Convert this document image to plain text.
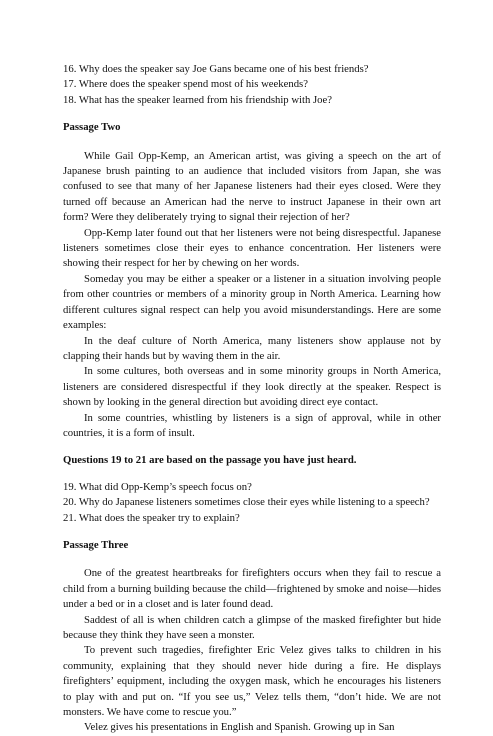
16. Why does the speaker say Joe Gans became one of his best friends?

17. Where does the speaker spend most of his weekends?

18. What has the speaker learned from his friendship with Joe?

Passage Two

While Gail Opp-Kemp, an American artist, was giving a speech on the art of Japanese brush painting to an audience that included visitors from Japan, she was confused to see that many of her Japanese listeners had their eyes closed. Were they turned off because an American had the nerve to instruct Japanese in their own art form? Were they deliberately trying to signal their rejection of her?

Opp-Kemp later found out that her listeners were not being disrespectful. Japanese listeners sometimes close their eyes to enhance concentration. Her listeners were showing their respect for her by chewing on her words.

Someday you may be either a speaker or a listener in a situation involving people from other countries or members of a minority group in North America. Learning how different cultures signal respect can help you avoid misunderstandings. Here are some examples:

In the deaf culture of North America, many listeners show applause not by clapping their hands but by waving them in the air.

In some cultures, both overseas and in some minority groups in North America, listeners are considered disrespectful if they look directly at the speaker. Respect is shown by looking in the general direction but avoiding direct eye contact.

In some countries, whistling by listeners is a sign of approval, while in other countries, it is a form of insult.

Questions 19 to 21 are based on the passage you have just heard.

19. What did Opp-Kemp’s speech focus on?

20. Why do Japanese listeners sometimes close their eyes while listening to a speech?

21. What does the speaker try to explain?

Passage Three

One of the greatest heartbreaks for firefighters occurs when they fail to rescue a child from a burning building because the child—frightened by smoke and noise—hides under a bed or in a closet and is later found dead.

Saddest of all is when children catch a glimpse of the masked firefighter but hide because they think they have seen a monster.

To prevent such tragedies, firefighter Eric Velez gives talks to children in his community, explaining that they should never hide during a fire. He displays firefighters’ equipment, including the oxygen mask, which he encourages his listeners to play with and put on. “If you see us,” Velez tells them, “don’t hide. We are not monsters. We have come to rescue you.”

Velez gives his presentations in English and Spanish. Growing up in San
